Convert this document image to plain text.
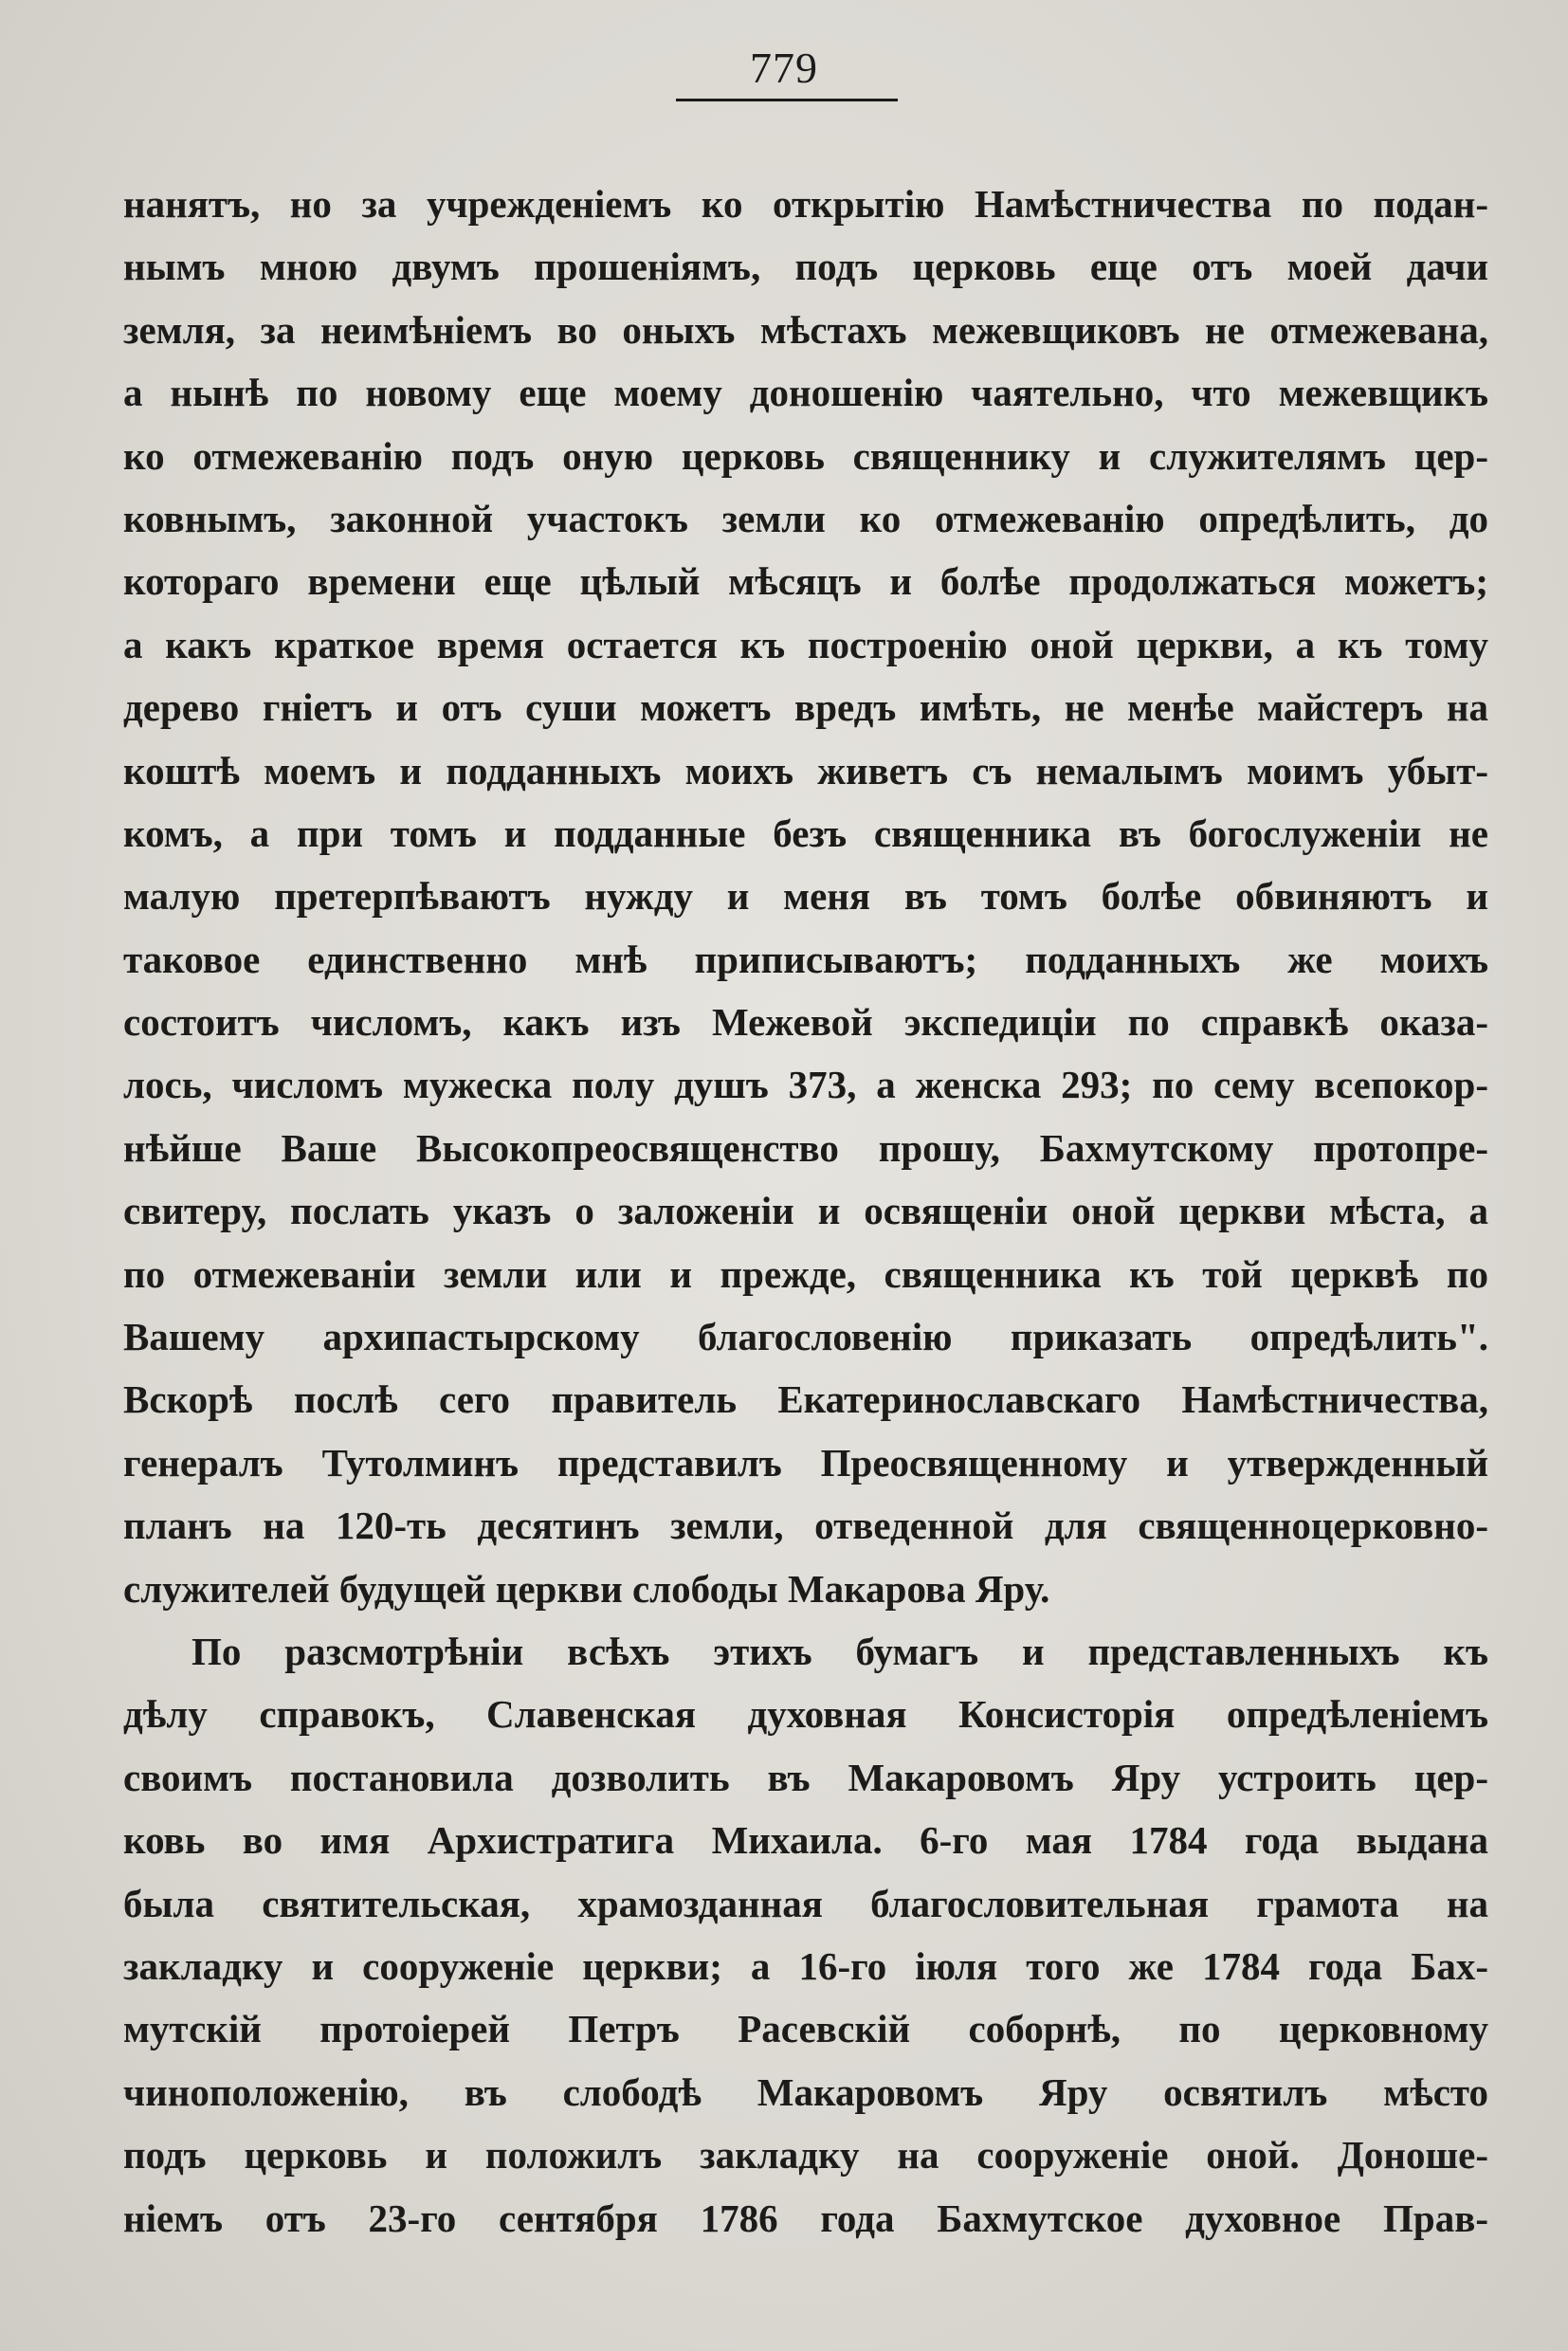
779
нанятъ, но за учрежденіемъ ко открытію Намѣстничества по подан-
нымъ мною двумъ прошеніямъ, подъ церковь еще отъ моей дачи
земля, за неимѣніемъ во оныхъ мѣстахъ межевщиковъ не отмежевана,
а нынѣ по новому еще моему доношенію чаятельно, что межевщикъ
ко отмежеванію подъ оную церковь священнику и служителямъ цер-
ковнымъ, законной участокъ земли ко отмежеванію опредѣлить, до
котораго времени еще цѣлый мѣсяцъ и болѣе продолжаться можетъ;
а какъ краткое время остается къ построенію оной церкви, а къ тому
дерево гніетъ и отъ суши можетъ вредъ имѣть, не менѣе майстеръ на
коштѣ моемъ и подданныхъ моихъ живетъ съ немалымъ моимъ убыт-
комъ, а при томъ и подданные безъ священника въ богослуженіи не
малую претерпѣваютъ нужду и меня въ томъ болѣе обвиняютъ и
таковое единственно мнѣ приписываютъ; подданныхъ же моихъ
состоитъ числомъ, какъ изъ Межевой экспедиціи по справкѣ оказа-
лось, числомъ мужеска полу душъ 373, а женска 293; по сему всепокор-
нѣйше Ваше Высокопреосвященство прошу, Бахмутскому протопре-
свитеру, послать указъ о заложеніи и освященіи оной церкви мѣста, а
по отмежеваніи земли или и прежде, священника къ той церквѣ по
Вашему архипастырскому благословенію приказать опредѣлить".
Вскорѣ послѣ сего правитель Екатеринославскаго Намѣстничества,
генералъ Тутолминъ представилъ Преосвященному и утвержденный
планъ на 120-ть десятинъ земли, отведенной для священноцерковно-
служителей будущей церкви слободы Макарова Яру.
По разсмотрѣніи всѣхъ этихъ бумагъ и представленныхъ къ
дѣлу справокъ, Славенская духовная Консисторія опредѣленіемъ
своимъ постановила дозволить въ Макаровомъ Яру устроить цер-
ковь во имя Архистратига Михаила. 6-го мая 1784 года выдана
была святительская, храмозданная благословительная грамота на
закладку и сооруженіе церкви; а 16-го іюля того же 1784 года Бах-
мутскій протоіерей Петръ Расевскій соборнѣ, по церковному
чиноположенію, въ слободѣ Макаровомъ Яру освятилъ мѣсто
подъ церковь и положилъ закладку на сооруженіе оной. Доноше-
ніемъ отъ 23-го сентября 1786 года Бахмутское духовное Прав-
